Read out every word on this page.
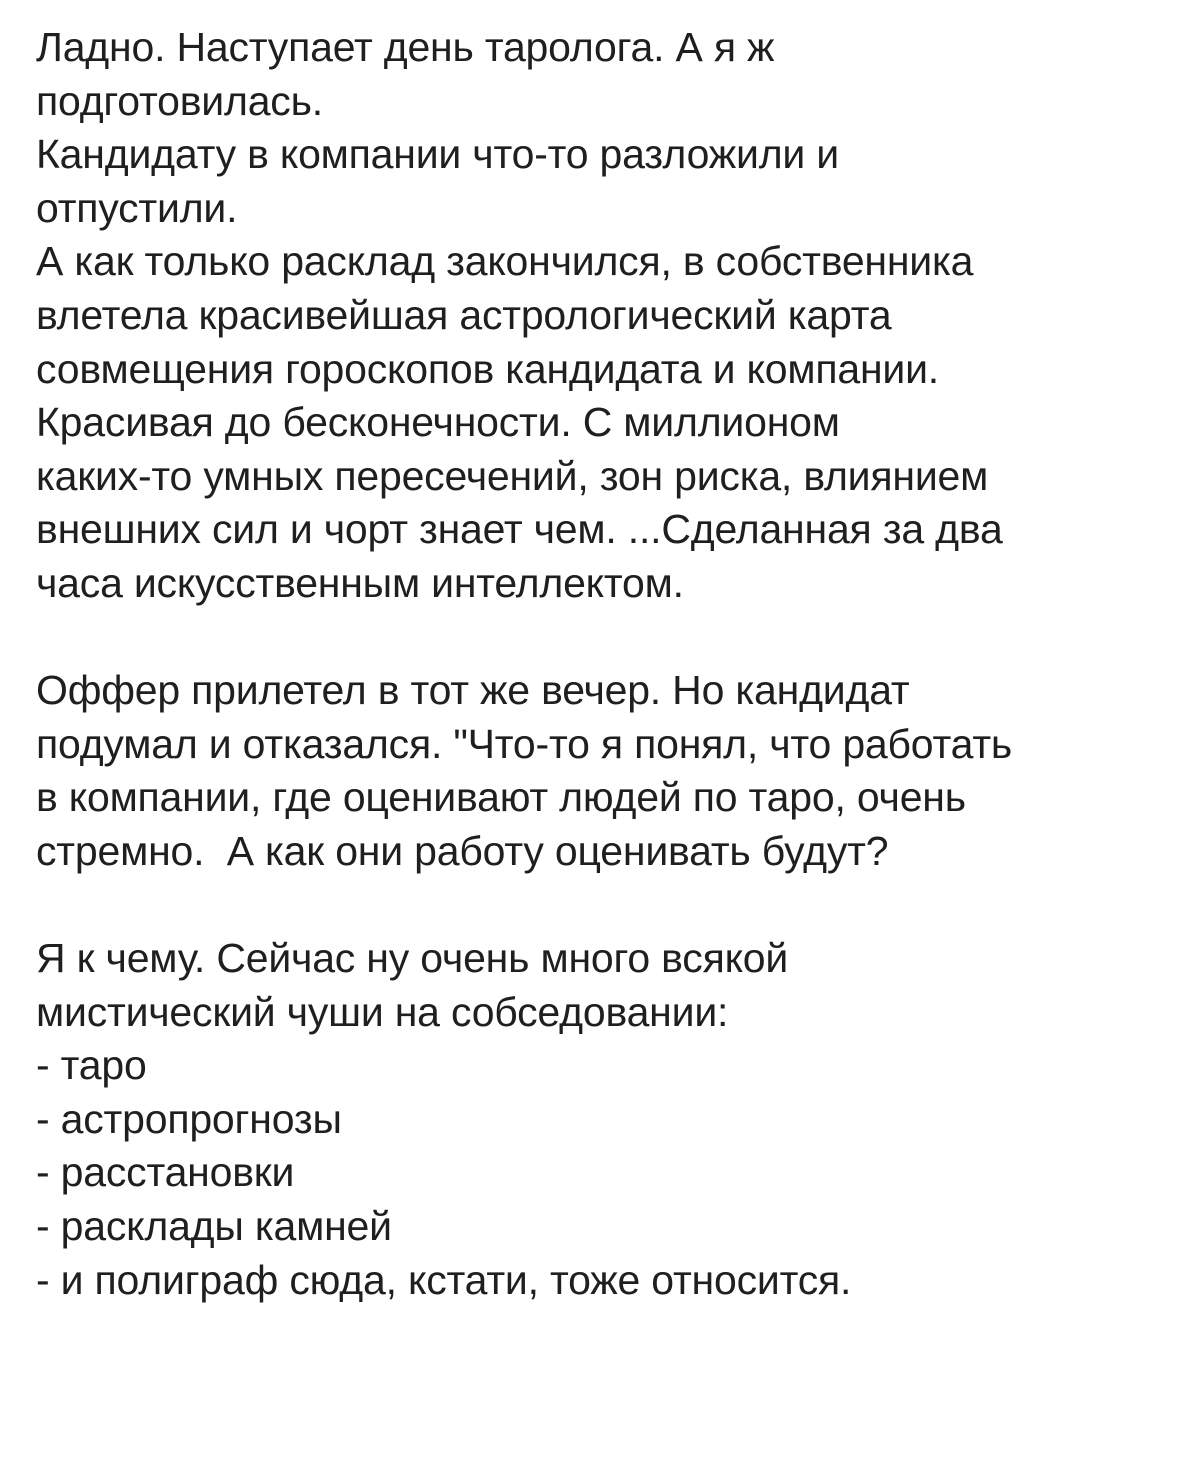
Ладно. Наступает день таролога. А я ж
подготовилась.
Кандидату в компании что-то разложили и
отпустили.
А как только расклад закончился, в собственника
влетела красивейшая астрологический карта
совмещения гороскопов кандидата и компании.
Красивая до бесконечности. С миллионом
каких-то умных пересечений, зон риска, влиянием
внешних сил и чорт знает чем. ...Сделанная за два
часа искусственным интеллектом.
Оффер прилетел в тот же вечер. Но кандидат
подумал и отказался. "Что-то я понял, что работать
в компании, где оценивают людей по таро, очень
стремно.  А как они работу оценивать будут?
Я к чему. Сейчас ну очень много всякой
мистический чуши на собседовании:
- таро
- астропрогнозы
- расстановки
- расклады камней
- и полиграф сюда, кстати, тоже относится.
